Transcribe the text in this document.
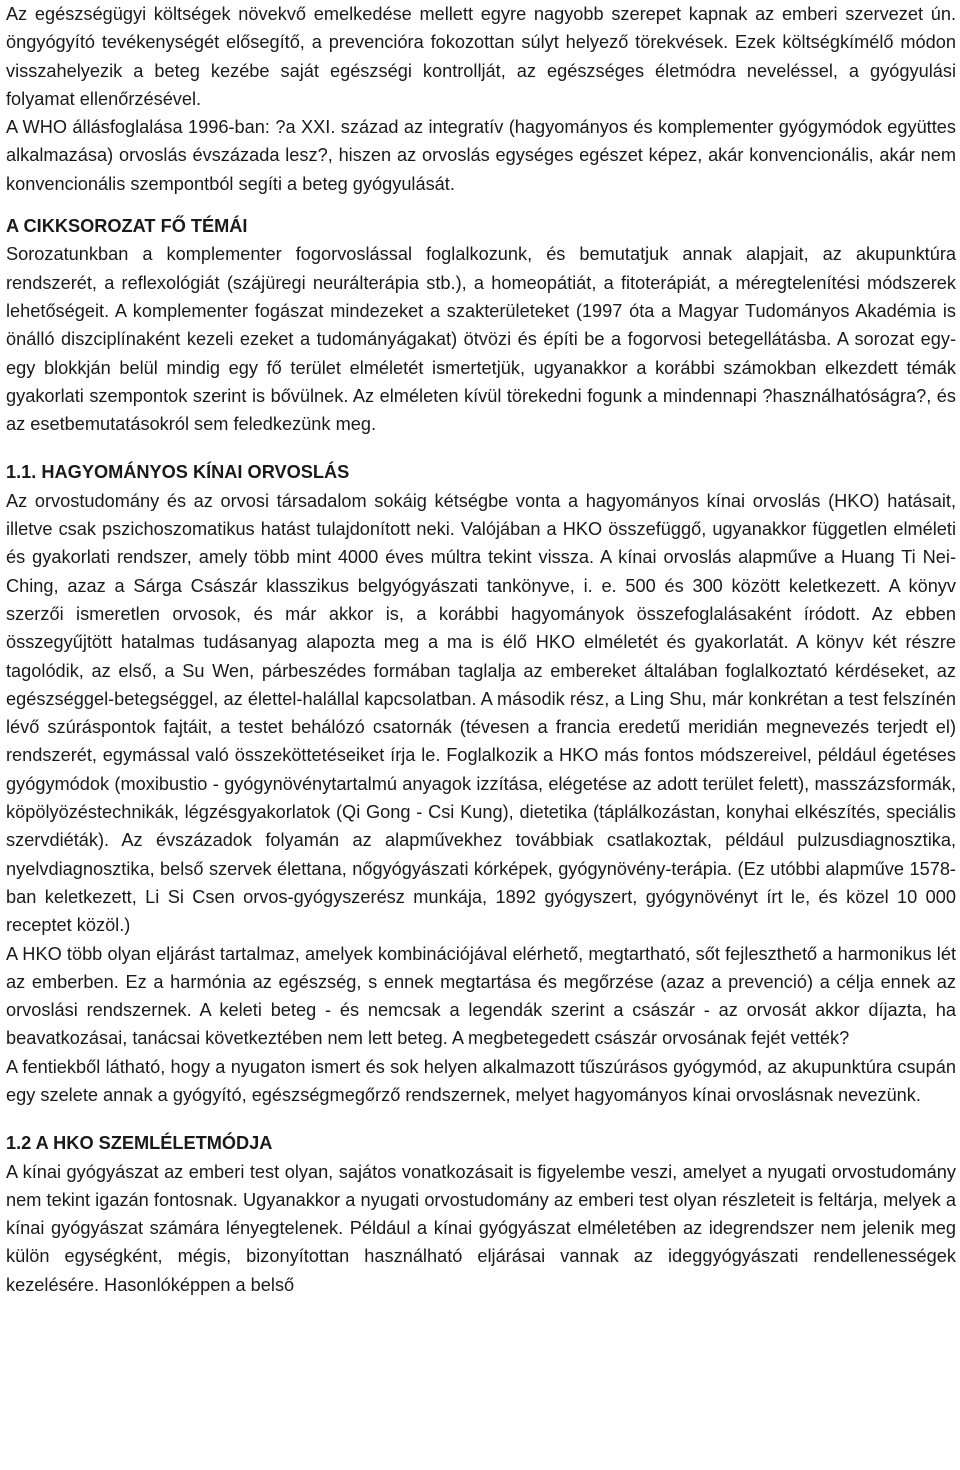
Az egészségügyi költségek növekvő emelkedése mellett egyre nagyobb szerepet kapnak az emberi szervezet ún. öngyógyító tevékenységét elősegítő, a prevencióra fokozottan súlyt helyező törekvések. Ezek költségkímélő módon visszahelyezik a beteg kezébe saját egészségi kontrollját, az egészséges életmódra neveléssel, a gyógyulási folyamat ellenőrzésével.

A WHO állásfoglalása 1996-ban: ?a XXI. század az integratív (hagyományos és komplementer gyógymódok együttes alkalmazása) orvoslás évszázada lesz?, hiszen az orvoslás egységes egészet képez, akár konvencionális, akár nem konvencionális szempontból segíti a beteg gyógyulását.

A CIKKSOROZAT FŐ TÉMÁI

Sorozatunkban a komplementer fogorvoslással foglalkozunk, és bemutatjuk annak alapjait, az akupunktúra rendszerét, a reflexológiát (szájüregi neurálterápia stb.), a homeopátiát, a fitoterápiát, a méregtelenítési módszerek lehetőségeit. A komplementer fogászat mindezeket a szakterületeket (1997 óta a Magyar Tudományos Akadémia is önálló diszciplínaként kezeli ezeket a tudományágakat) ötvözi és építi be a fogorvosi betegellátásba. A sorozat egy-egy blokkján belül mindig egy fő terület elméletét ismertetjük, ugyanakkor a korábbi számokban elkezdett témák gyakorlati szempontok szerint is bővülnek. Az elméleten kívül törekedni fogunk a mindennapi ?használhatóságra?, és az esetbemutatásokról sem feledkezünk meg.

1.1. HAGYOMÁNYOS KÍNAI ORVOSLÁS

Az orvostudomány és az orvosi társadalom sokáig kétségbe vonta a hagyományos kínai orvoslás (HKO) hatásait, illetve csak pszichoszomatikus hatást tulajdonított neki. Valójában a HKO összefüggő, ugyanakkor független elméleti és gyakorlati rendszer, amely több mint 4000 éves múltra tekint vissza. A kínai orvoslás alapműve a Huang Ti Nei-Ching, azaz a Sárga Császár klasszikus belgyógyászati tankönyve, i. e. 500 és 300 között keletkezett. A könyv szerzői ismeretlen orvosok, és már akkor is, a korábbi hagyományok összefoglalásaként íródott. Az ebben összegyűjtött hatalmas tudásanyag alapozta meg a ma is élő HKO elméletét és gyakorlatát. A könyv két részre tagolódik, az első, a Su Wen, párbeszédes formában taglalja az embereket általában foglalkoztató kérdéseket, az egészséggel-betegséggel, az élettel-halállal kapcsolatban. A második rész, a Ling Shu, már konkrétan a test felszínén lévő szúráspontok fajtáit, a testet behálózó csatornák (tévesen a francia eredetű meridián megnevezés terjedt el) rendszerét, egymással való összeköttetéseiket írja le. Foglalkozik a HKO más fontos módszereivel, például égetéses gyógymódok (moxibustio - gyógynövénytartalmú anyagok izzítása, elégetése az adott terület felett), masszázsformák, köpölyözéstechnikák, légzésgyakorlatok (Qi Gong - Csi Kung), dietetika (táplálkozástan, konyhai elkészítés, speciális szervdiéták). Az évszázadok folyamán az alapművekhez továbbiak csatlakoztak, például pulzusdiagnosztika, nyelvdiagnosztika, belső szervek élettana, nőgyógyászati kórképek, gyógynövény-terápia. (Ez utóbbi alapműve 1578-ban keletkezett, Li Si Csen orvos-gyógyszerész munkája, 1892 gyógyszert, gyógynövényt írt le, és közel 10 000 receptet közöl.)

A HKO több olyan eljárást tartalmaz, amelyek kombinációjával elérhető, megtartható, sőt fejleszthető a harmonikus lét az emberben. Ez a harmónia az egészség, s ennek megtartása és megőrzése (azaz a prevenció) a célja ennek az orvoslási rendszernek. A keleti beteg - és nemcsak a legendák szerint a császár - az orvosát akkor díjazta, ha beavatkozásai, tanácsai következtében nem lett beteg. A megbetegedett császár orvosának fejét vették?

A fentiekből látható, hogy a nyugaton ismert és sok helyen alkalmazott tűszúrásos gyógymód, az akupunktúra csupán egy szelete annak a gyógyító, egészségmegőrző rendszernek, melyet hagyományos kínai orvoslásnak nevezünk.

1.2 A HKO SZEMLÉLETMÓDJA

A kínai gyógyászat az emberi test olyan, sajátos vonatkozásait is figyelembe veszi, amelyet a nyugati orvostudomány nem tekint igazán fontosnak. Ugyanakkor a nyugati orvostudomány az emberi test olyan részleteit is feltárja, melyek a kínai gyógyászat számára lényegtelenek. Például a kínai gyógyászat elméletében az idegrendszer nem jelenik meg külön egységként, mégis, bizonyítottan használható eljárásai vannak az ideggyógyászati rendellenességek kezelésére. Hasonlóképpen a belső
